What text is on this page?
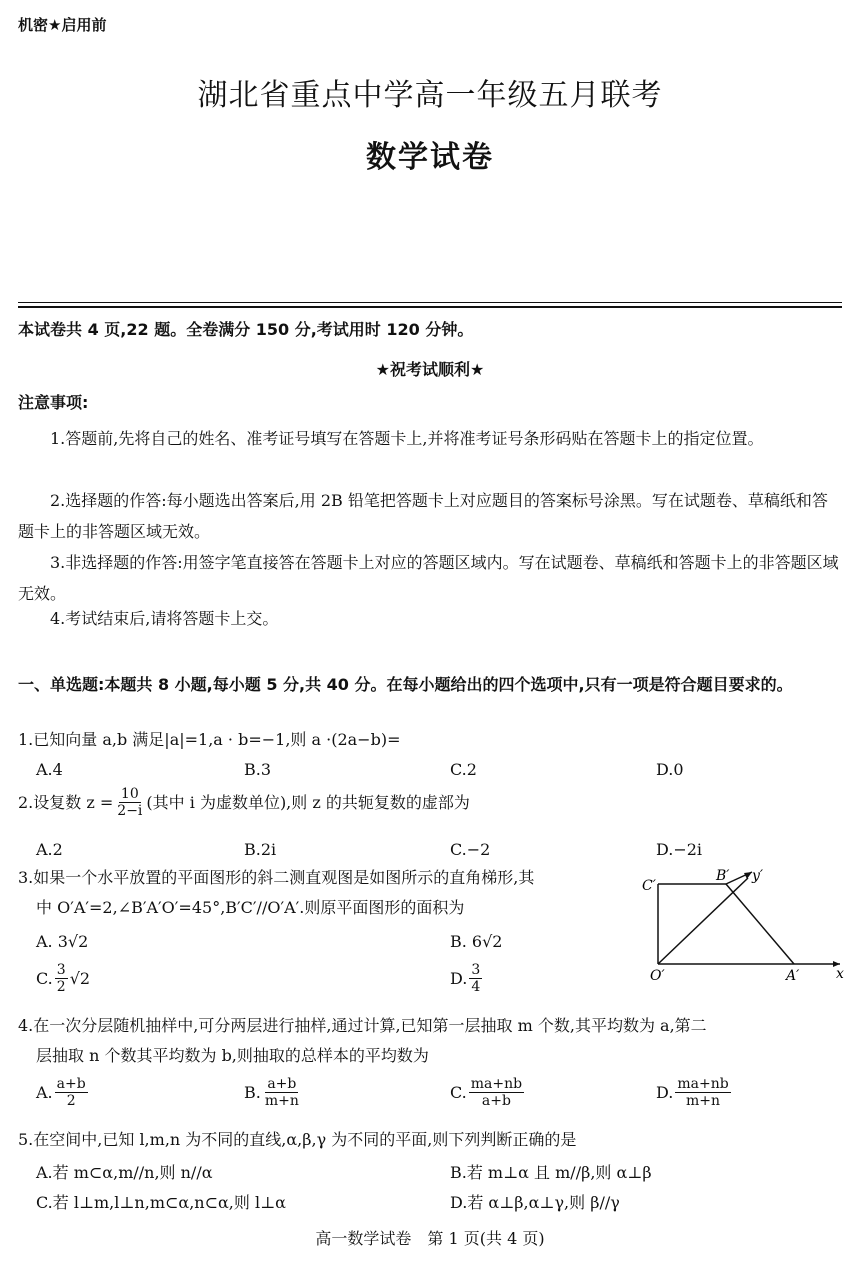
机密★启用前
湖北省重点中学高一年级五月联考
数学试卷
本试卷共 4 页,22 题。全卷满分 150 分,考试用时 120 分钟。
★祝考试顺利★
注意事项:
1.答题前,先将自己的姓名、准考证号填写在答题卡上,并将准考证号条形码贴在答题卡上的指定位置。
2.选择题的作答:每小题选出答案后,用 2B 铅笔把答题卡上对应题目的答案标号涂黑。写在试题卷、草稿纸和答题卡上的非答题区域无效。
3.非选择题的作答:用签字笔直接答在答题卡上对应的答题区域内。写在试题卷、草稿纸和答题卡上的非答题区域无效。
4.考试结束后,请将答题卡上交。
一、单选题:本题共 8 小题,每小题 5 分,共 40 分。在每小题给出的四个选项中,只有一项是符合题目要求的。
1.已知向量 a,b 满足|a|=1,a · b=−1,则 a ·(2a−b)=
A.4	B.3	C.2	D.0
2.设复数 $z = \frac{10}{2-i}$ (其中 i 为虚数单位),则 z 的共轭复数的虚部为
A.2	B.2i	C.−2	D.−2i
3.如果一个水平放置的平面图形的斜二测直观图是如图所示的直角梯形,其
中 O′A′=2,∠B′A′O′=45°,B′C′//O′A′.则原平面图形的面积为
A. 3√2	B. 6√2
C. $\frac{3}{2} √2$	D. $\frac{3}{4}$
C′
B′ y′
O′	A′	x
4.在一次分层随机抽样中,可分两层进行抽样,通过计算,已知第一层抽取 m 个数,其平均数为 a,第二
层抽取 n 个数其平均数为 b,则抽取的总样本的平均数为
A. $\frac{a+b}{2}$	B. $\frac{a+b}{m+n}$	C. $\frac{ma+nb}{a+b}$	D. $\frac{ma+nb}{m+n}$
5.在空间中,已知 l,m,n 为不同的直线,α,β,γ 为不同的平面,则下列判断正确的是
A.若 m⊂α,m//n,则 n//α	B.若 m⊥α 且 m//β,则 α⊥β
C.若 l⊥m,l⊥n,m⊂α,n⊂α,则 l⊥α	D.若 α⊥β,α⊥γ,则 β//γ
高一数学试卷　第 1 页(共 4 页)
